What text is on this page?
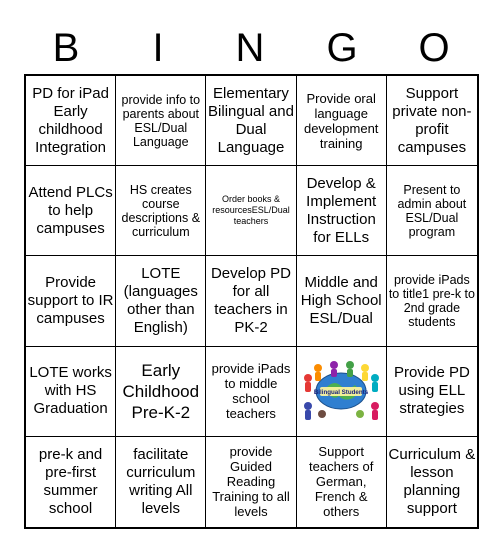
B	I	N	G	O
PD for iPad Early childhood Integration
provide info to parents about ESL/Dual Language
Elementary Bilingual and Dual Language
Provide oral language development training
Support private non-profit campuses
Attend PLCs to help campuses
HS creates course descriptions & curriculum
Order books & resourcesESL/Dual teachers
Develop & Implement Instruction for ELLs
Present to admin about ESL/Dual program
Provide support to IR campuses
LOTE (languages other than English)
Develop PD for all teachers in PK-2
Middle and High School ESL/Dual
provide iPads to title1 pre-k to 2nd grade students
LOTE works with HS Graduation
Early Childhood Pre-K-2
provide iPads to middle school teachers
Bilingual Students
Provide PD using ELL strategies
pre-k and pre-first summer school
facilitate curriculum writing All levels
provide Guided Reading Training to all levels
Support teachers of German, French & others
Curriculum & lesson planning support
